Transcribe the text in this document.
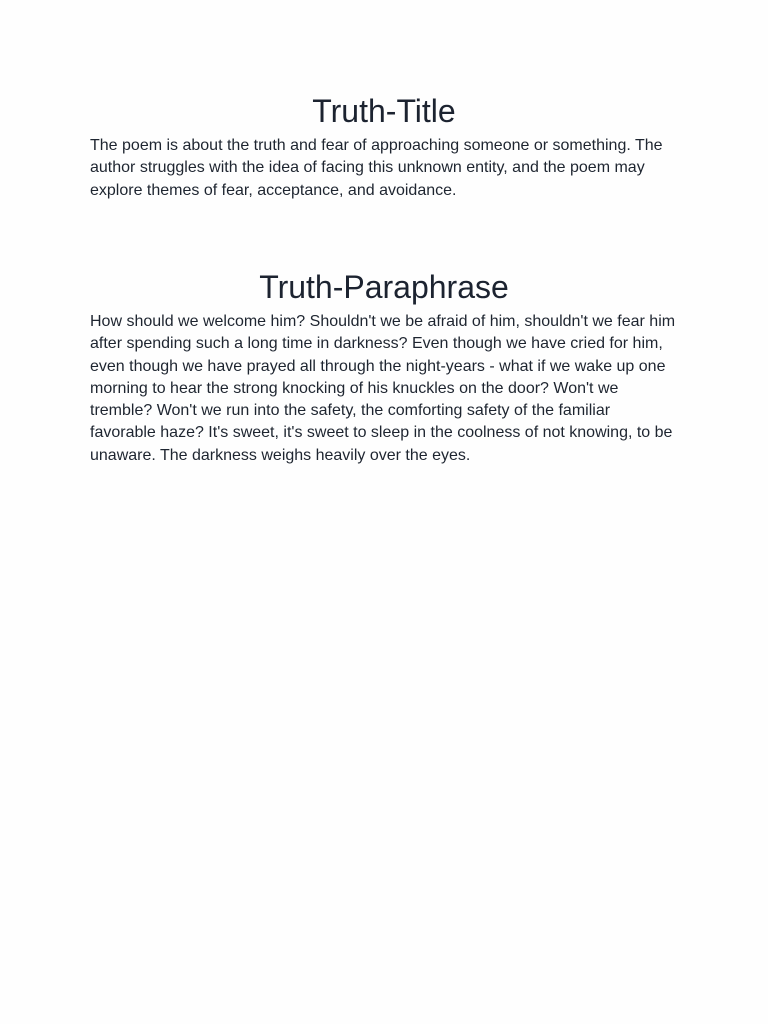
Truth-Title

The poem is about the truth and fear of approaching someone or something. The author struggles with the idea of facing this unknown entity, and the poem may explore themes of fear, acceptance, and avoidance.

Truth-Paraphrase

How should we welcome him? Shouldn't we be afraid of him, shouldn't we fear him after spending such a long time in darkness? Even though we have cried for him, even though we have prayed all through the night-years - what if we wake up one morning to hear the strong knocking of his knuckles on the door? Won't we tremble? Won't we run into the safety, the comforting safety of the familiar favorable haze? It's sweet, it's sweet to sleep in the coolness of not knowing, to be unaware. The darkness weighs heavily over the eyes.
